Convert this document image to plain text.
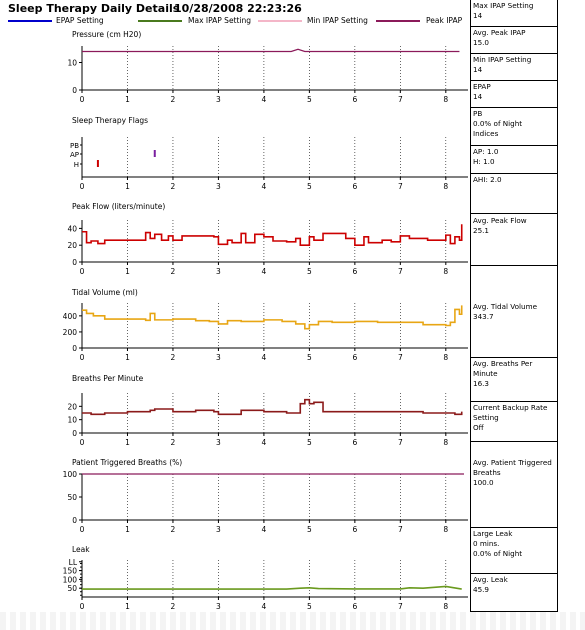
Sleep Therapy Daily Details
10/28/2008 22:23:26
EPAP Setting	Max IPAP Setting	Min IPAP Setting	Peak IPAP
Pressure (cm H20)
0	1	2	3	4	5	6	7	8
0
10
Sleep Therapy Flags
0	1	2	3	4	5	6	7	8
PB
AP
H
Peak Flow (liters/minute)
0	1	2	3	4	5	6	7	8
0
20
40
Tidal Volume (ml)
0	1	2	3	4	5	6	7	8
0
200
400
Breaths Per Minute
0	1	2	3	4	5	6	7	8
0
10
20
Patient Triggered Breaths (%)
0	1	2	3	4	5	6	7	8
0
50
100
Leak
0	1	2	3	4	5	6	7	8
50
100
150
LL
Max IPAP Setting
14
Avg. Peak IPAP
15.0
Min IPAP Setting
14
EPAP
14
PB
0.0% of Night
Indices
AP: 1.0
H: 1.0
AHI: 2.0
Avg. Peak Flow
25.1
Avg. Tidal Volume
343.7
Avg. Breaths Per
Minute
16.3
Current Backup Rate
Setting
Off
Avg. Patient Triggered
Breaths
100.0
Large Leak
0 mins.
0.0% of Night
Avg. Leak
45.9
